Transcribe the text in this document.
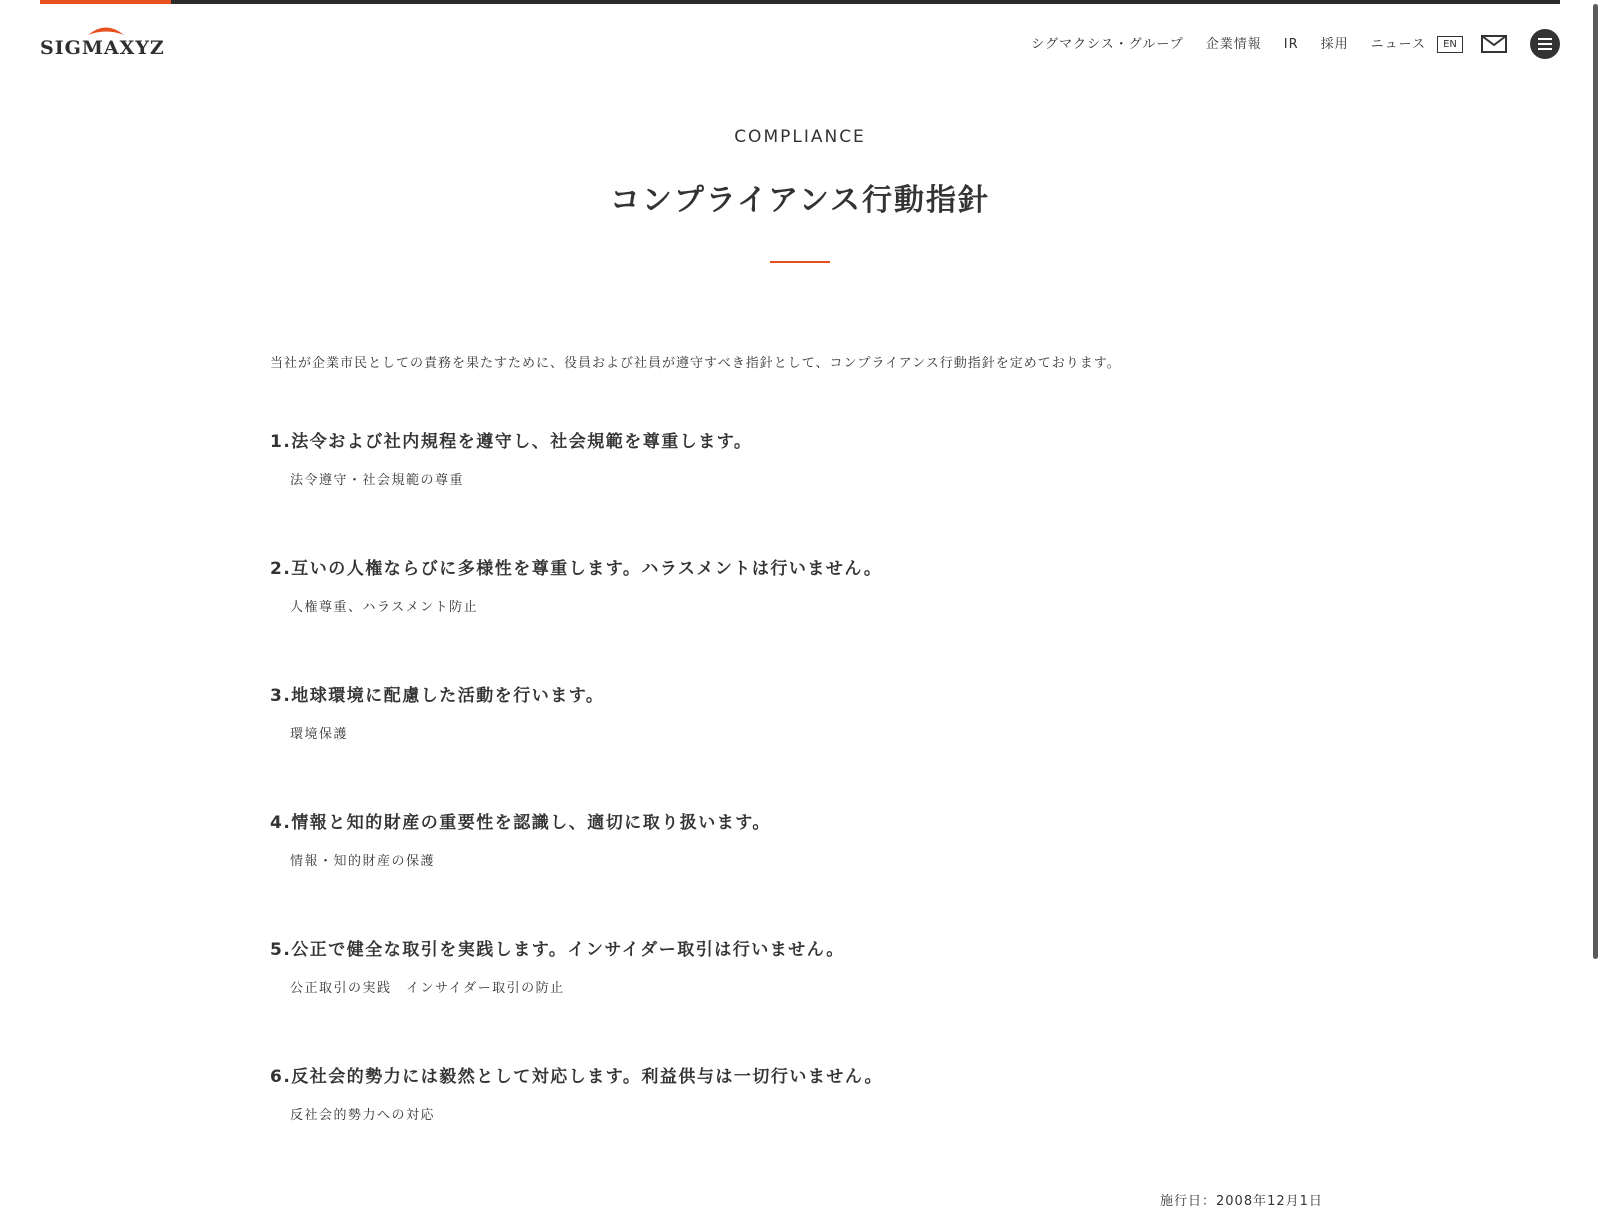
SIGMAXYZ	シグマクシス・グループ 企業情報 IR 採用 ニュース	EN
COMPLIANCE
コンプライアンス行動指針

当社が企業市民としての責務を果たすために、役員および社員が遵守すべき指針として、コンプライアンス行動指針を定めております。

1.法令および社内規程を遵守し、社会規範を尊重します。
法令遵守・社会規範の尊重
2.互いの人権ならびに多様性を尊重します。ハラスメントは行いません。
人権尊重、ハラスメント防止
3.地球環境に配慮した活動を行います。
環境保護
4.情報と知的財産の重要性を認識し、適切に取り扱います。
情報・知的財産の保護
5.公正で健全な取引を実践します。インサイダー取引は行いません。
公正取引の実践　インサイダー取引の防止
6.反社会的勢力には毅然として対応します。利益供与は一切行いません。
反社会的勢力への対応
施行日：2008年12月1日
